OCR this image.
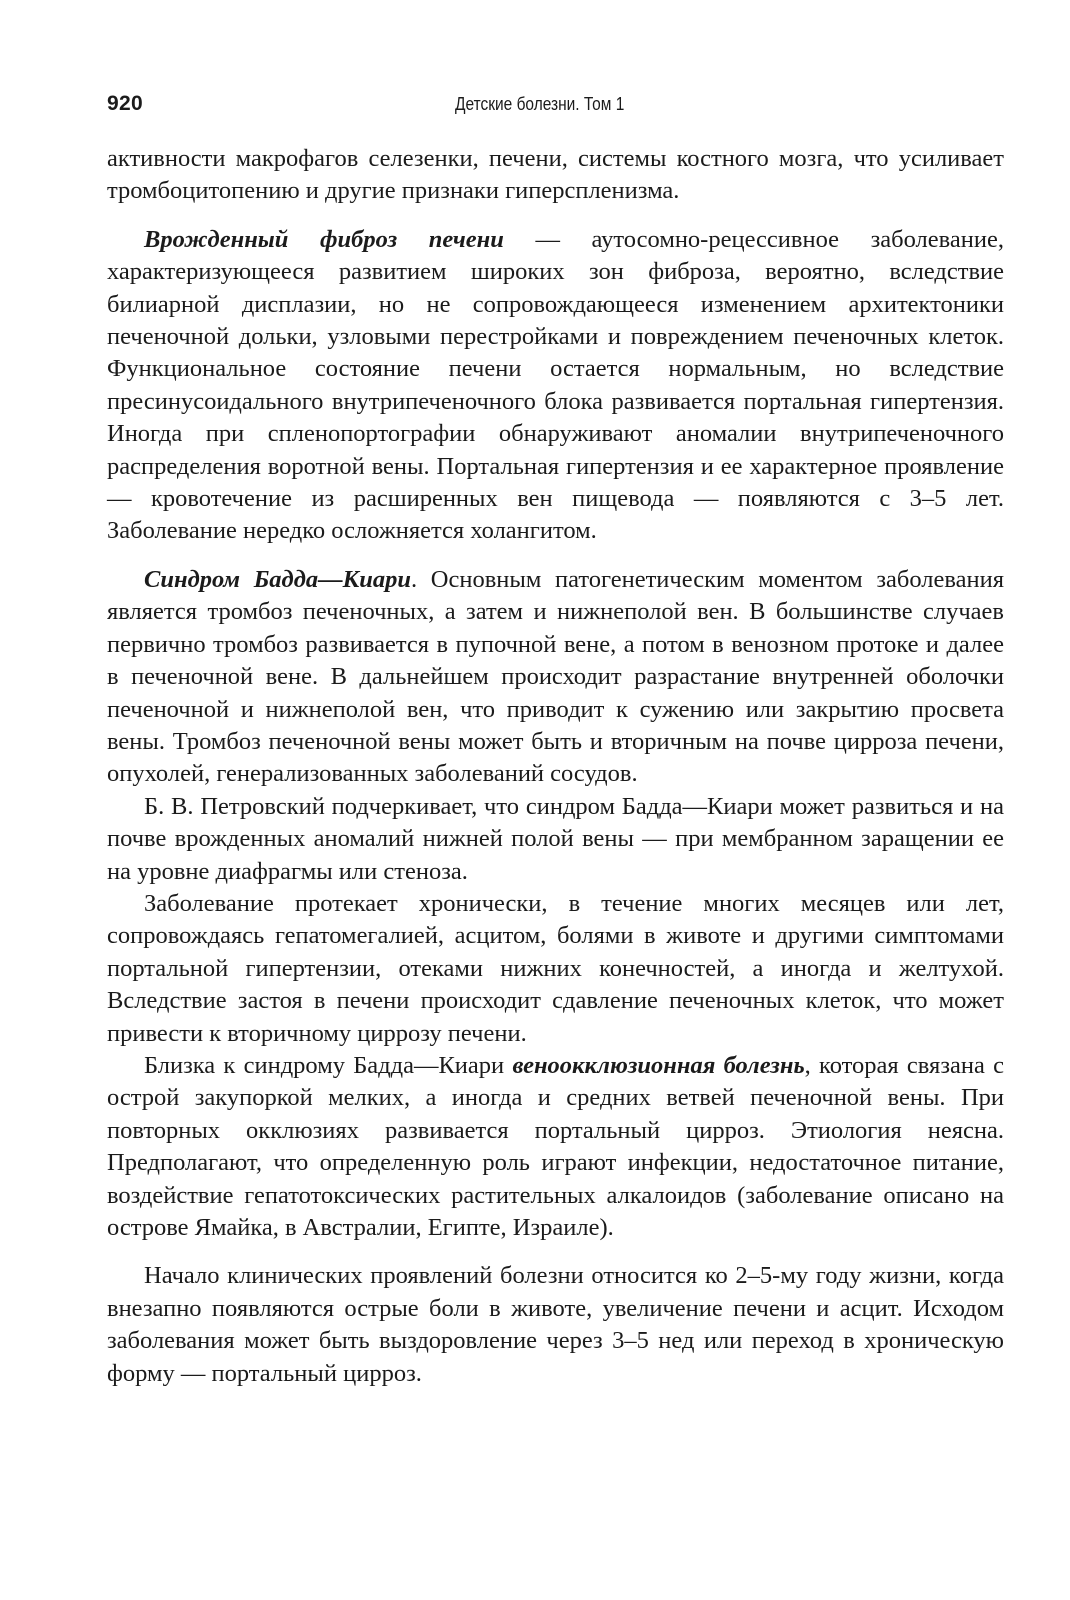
920	Детские болезни. Том 1

активности макрофагов селезенки, печени, системы костного мозга, что усиливает тромбоцитопению и другие признаки гиперспленизма.

Врожденный фиброз печени — аутосомно-рецессивное заболевание, характеризующееся развитием широких зон фиброза, вероятно, вследствие билиарной дисплазии, но не сопровождающееся изменением архитектоники печеночной дольки, узловыми перестройками и повреждением печеночных клеток. Функциональное состояние печени остается нормальным, но вследствие пресинусоидального внутрипеченочного блока развивается портальная гипертензия. Иногда при спленопортографии обнаруживают аномалии внутрипеченочного распределения воротной вены. Портальная гипертензия и ее характерное проявление — кровотечение из расширенных вен пищевода — появляются с 3–5 лет. Заболевание нередко осложняется холангитом.

Синдром Бадда—Киари. Основным патогенетическим моментом заболевания является тромбоз печеночных, а затем и нижнеполой вен. В большинстве случаев первично тромбоз развивается в пупочной вене, а потом в венозном протоке и далее в печеночной вене. В дальнейшем происходит разрастание внутренней оболочки печеночной и нижнеполой вен, что приводит к сужению или закрытию просвета вены. Тромбоз печеночной вены может быть и вторичным на почве цирроза печени, опухолей, генерализованных заболеваний сосудов.

Б. В. Петровский подчеркивает, что синдром Бадда—Киари может развиться и на почве врожденных аномалий нижней полой вены — при мембранном заращении ее на уровне диафрагмы или стеноза.

Заболевание протекает хронически, в течение многих месяцев или лет, сопровождаясь гепатомегалией, асцитом, болями в животе и другими симптомами портальной гипертензии, отеками нижних конечностей, а иногда и желтухой. Вследствие застоя в печени происходит сдавление печеночных клеток, что может привести к вторичному циррозу печени.

Близка к синдрому Бадда—Киари веноокклюзионная болезнь, которая связана с острой закупоркой мелких, а иногда и средних ветвей печеночной вены. При повторных окклюзиях развивается портальный цирроз. Этиология неясна. Предполагают, что определенную роль играют инфекции, недостаточное питание, воздействие гепатотоксических растительных алкалоидов (заболевание описано на острове Ямайка, в Австралии, Египте, Израиле).

Начало клинических проявлений болезни относится ко 2–5-му году жизни, когда внезапно появляются острые боли в животе, увеличение печени и асцит. Исходом заболевания может быть выздоровление через 3–5 нед или переход в хроническую форму — портальный цирроз.
